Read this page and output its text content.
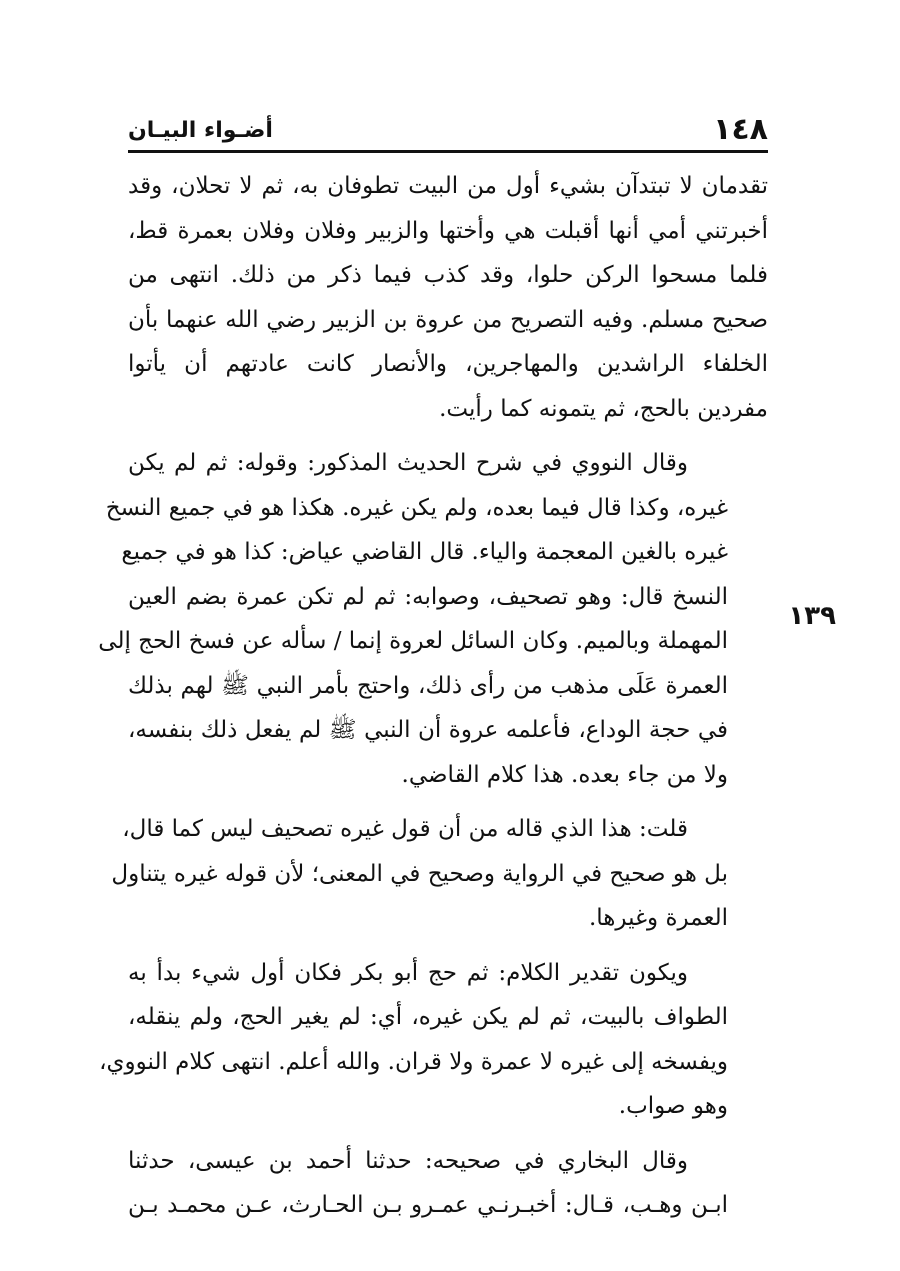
١٤٨
أضـواء البيـان
١٣٩
تقدمان لا تبتدآن بشيء أول من البيت تطوفان به، ثم لا تحلان، وقد
أخبرتني أمي أنها أقبلت هي وأختها والزبير وفلان وفلان بعمرة قط،
فلما مسحوا الركن حلوا، وقد كذب فيما ذكر من ذلك. انتهى من
صحيح مسلم. وفيه التصريح من عروة بن الزبير رضي الله عنهما بأن
الخلفاء الراشدين والمهاجرين، والأنصار كانت عادتهم أن يأتوا
مفردين بالحج، ثم يتمونه كما رأيت.
وقال النووي في شرح الحديث المذكور: وقوله: ثم لم يكن
غيره، وكذا قال فيما بعده، ولم يكن غيره. هكذا هو في جميع النسخ
غيره بالغين المعجمة والياء. قال القاضي عياض: كذا هو في جميع
النسخ قال: وهو تصحيف، وصوابه: ثم لم تكن عمرة بضم العين
المهملة وبالميم. وكان السائل لعروة إنما / سأله عن فسخ الحج إلى
العمرة عَلَى مذهب من رأى ذلك، واحتج بأمر النبي ﷺ لهم بذلك
في حجة الوداع، فأعلمه عروة أن النبي ﷺ لم يفعل ذلك بنفسه،
ولا من جاء بعده. هذا كلام القاضي.
قلت: هذا الذي قاله من أن قول غيره تصحيف ليس كما قال،
بل هو صحيح في الرواية وصحيح في المعنى؛ لأن قوله غيره يتناول
العمرة وغيرها.
ويكون تقدير الكلام: ثم حج أبو بكر فكان أول شيء بدأ به
الطواف بالبيت، ثم لم يكن غيره، أي: لم يغير الحج، ولم ينقله،
ويفسخه إلى غيره لا عمرة ولا قران. والله أعلم. انتهى كلام النووي،
وهو صواب.
وقال البخاري في صحيحه: حدثنا أحمد بن عيسى، حدثنا
ابـن وهـب، قـال: أخبـرنـي عمـرو بـن الحـارث، عـن محمـد بـن
